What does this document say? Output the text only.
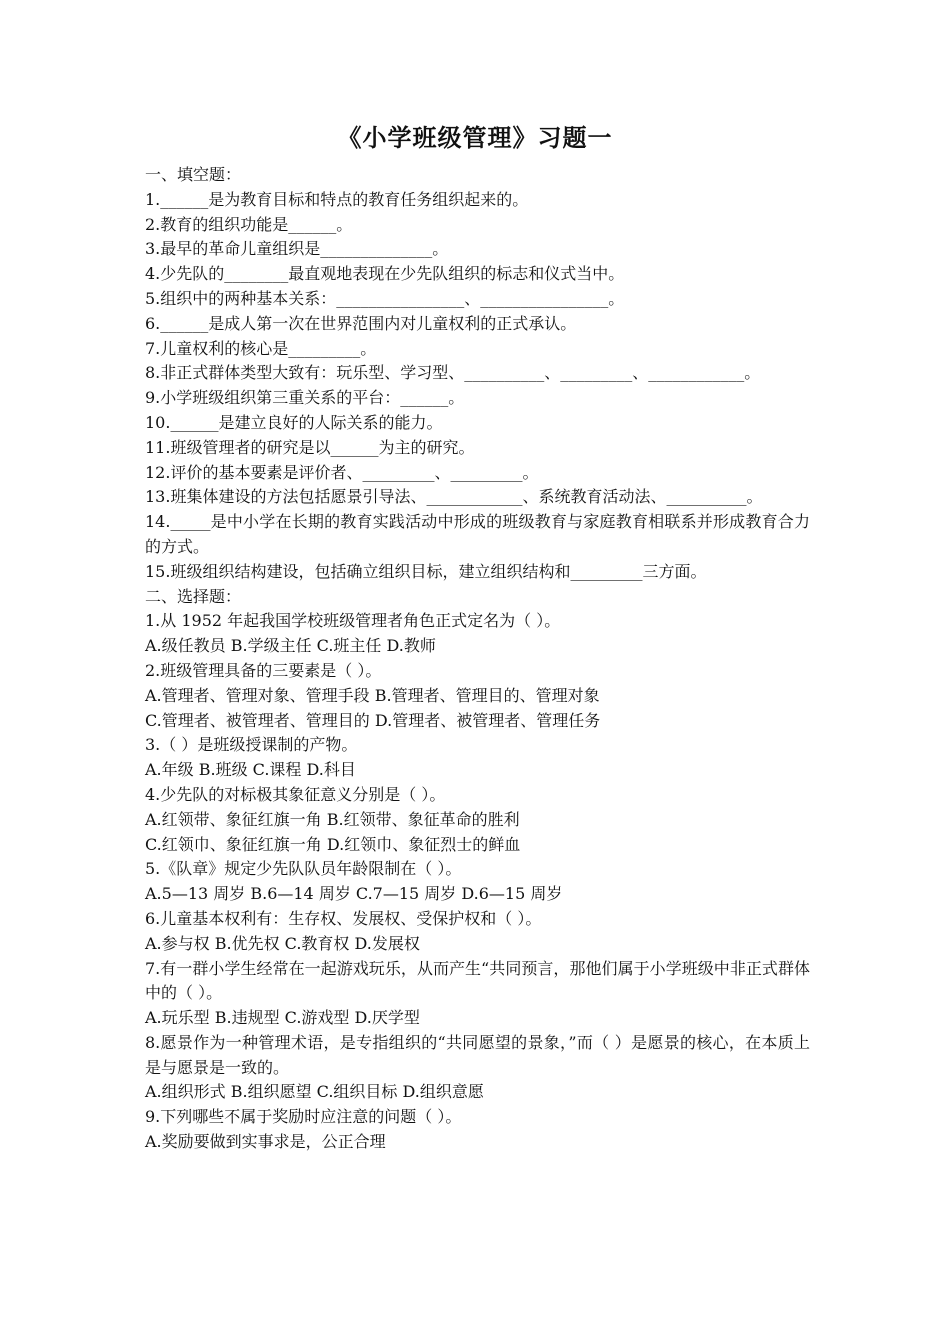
《小学班级管理》习题一
一、填空题：
1.______是为教育目标和特点的教育任务组织起来的。
2.教育的组织功能是______。
3.最早的革命儿童组织是______________。
4.少先队的________最直观地表现在少先队组织的标志和仪式当中。
5.组织中的两种基本关系：________________、________________。
6.______是成人第一次在世界范围内对儿童权利的正式承认。
7.儿童权利的核心是_________。
8.非正式群体类型大致有：玩乐型、学习型、__________、_________、____________。
9.小学班级组织第三重关系的平台：______。
10.______是建立良好的人际关系的能力。
11.班级管理者的研究是以______为主的研究。
12.评价的基本要素是评价者、_________、_________。
13.班集体建设的方法包括愿景引导法、____________、系统教育活动法、__________。
14._____是中小学在长期的教育实践活动中形成的班级教育与家庭教育相联系并形成教育合力的方式。
15.班级组织结构建设，包括确立组织目标，建立组织结构和_________三方面。
二、选择题：
1.从 1952 年起我国学校班级管理者角色正式定名为（ ）。
A.级任教员 B.学级主任 C.班主任 D.教师
2.班级管理具备的三要素是（ ）。
A.管理者、管理对象、管理手段 B.管理者、管理目的、管理对象
C.管理者、被管理者、管理目的 D.管理者、被管理者、管理任务
3.（ ）是班级授课制的产物。
A.年级 B.班级 C.课程 D.科目
4.少先队的对标极其象征意义分别是（ ）。
A.红领带、象征红旗一角 B.红领带、象征革命的胜利
C.红领巾、象征红旗一角 D.红领巾、象征烈士的鲜血
5.《队章》规定少先队队员年龄限制在（ ）。
A.5—13 周岁 B.6—14 周岁 C.7—15 周岁 D.6—15 周岁
6.儿童基本权利有：生存权、发展权、受保护权和（ ）。
A.参与权 B.优先权 C.教育权 D.发展权
7.有一群小学生经常在一起游戏玩乐，从而产生“共同预言，那他们属于小学班级中非正式群体中的（ ）。
A.玩乐型 B.违规型 C.游戏型 D.厌学型
8.愿景作为一种管理术语，是专指组织的“共同愿望的景象，”而（ ）是愿景的核心，在本质上是与愿景是一致的。
A.组织形式 B.组织愿望 C.组织目标 D.组织意愿
9.下列哪些不属于奖励时应注意的问题（ ）。
A.奖励要做到实事求是，公正合理
